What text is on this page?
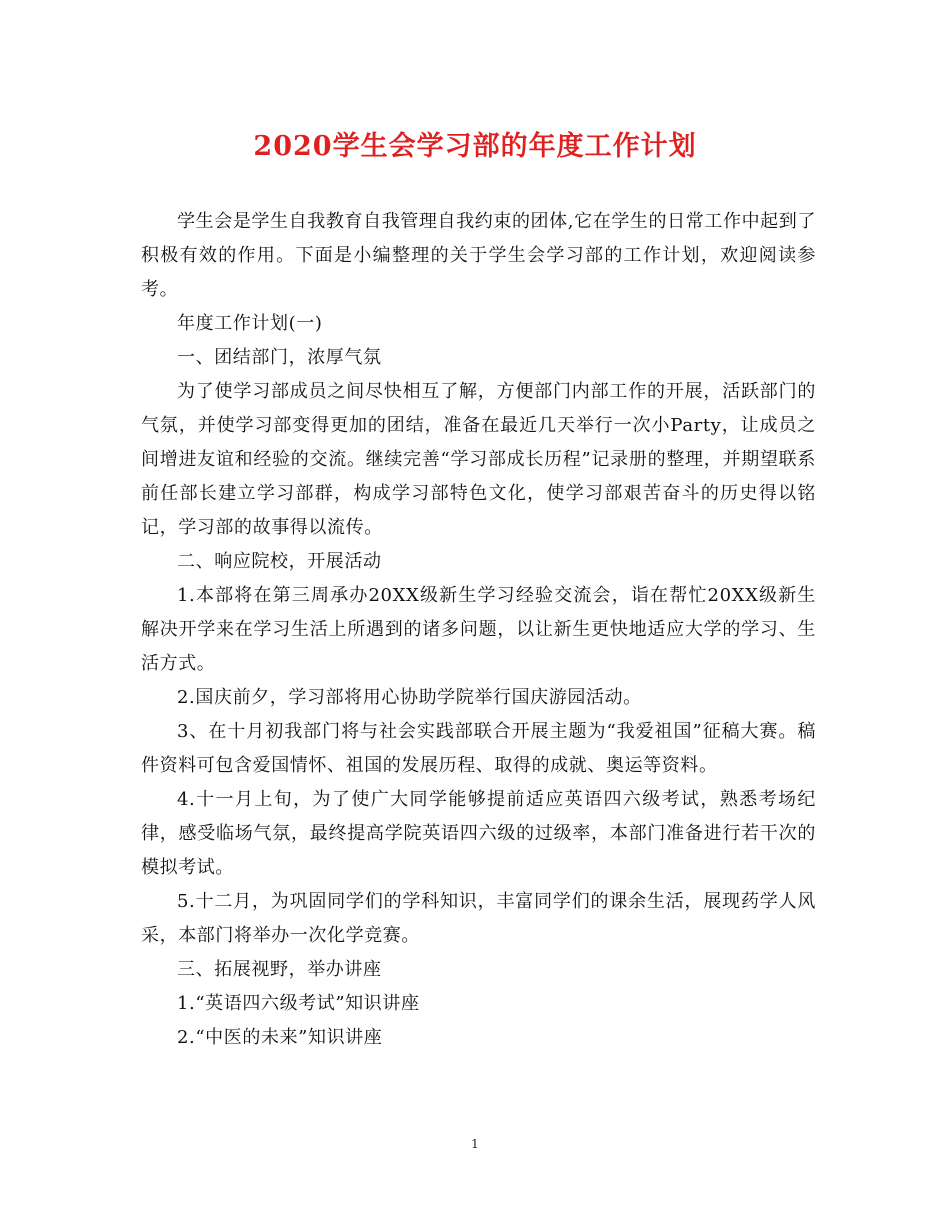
2020学生会学习部的年度工作计划

学生会是学生自我教育自我管理自我约束的团体,它在学生的日常工作中起到了积极有效的作用。下面是小编整理的关于学生会学习部的工作计划，欢迎阅读参考。

年度工作计划(一)

一、团结部门，浓厚气氛

为了使学习部成员之间尽快相互了解，方便部门内部工作的开展，活跃部门的气氛，并使学习部变得更加的团结，准备在最近几天举行一次小Party，让成员之间增进友谊和经验的交流。继续完善“学习部成长历程”记录册的整理，并期望联系前任部长建立学习部群，构成学习部特色文化，使学习部艰苦奋斗的历史得以铭记，学习部的故事得以流传。

二、响应院校，开展活动

1.本部将在第三周承办20XX级新生学习经验交流会，诣在帮忙20XX级新生解决开学来在学习生活上所遇到的诸多问题，以让新生更快地适应大学的学习、生活方式。

2.国庆前夕，学习部将用心协助学院举行国庆游园活动。

3、在十月初我部门将与社会实践部联合开展主题为“我爱祖国”征稿大赛。稿件资料可包含爱国情怀、祖国的发展历程、取得的成就、奥运等资料。

4.十一月上旬，为了使广大同学能够提前适应英语四六级考试，熟悉考场纪律，感受临场气氛，最终提高学院英语四六级的过级率，本部门准备进行若干次的模拟考试。

5.十二月，为巩固同学们的学科知识，丰富同学们的课余生活，展现药学人风采，本部门将举办一次化学竞赛。

三、拓展视野，举办讲座

1.“英语四六级考试”知识讲座

2.“中医的未来”知识讲座

1
